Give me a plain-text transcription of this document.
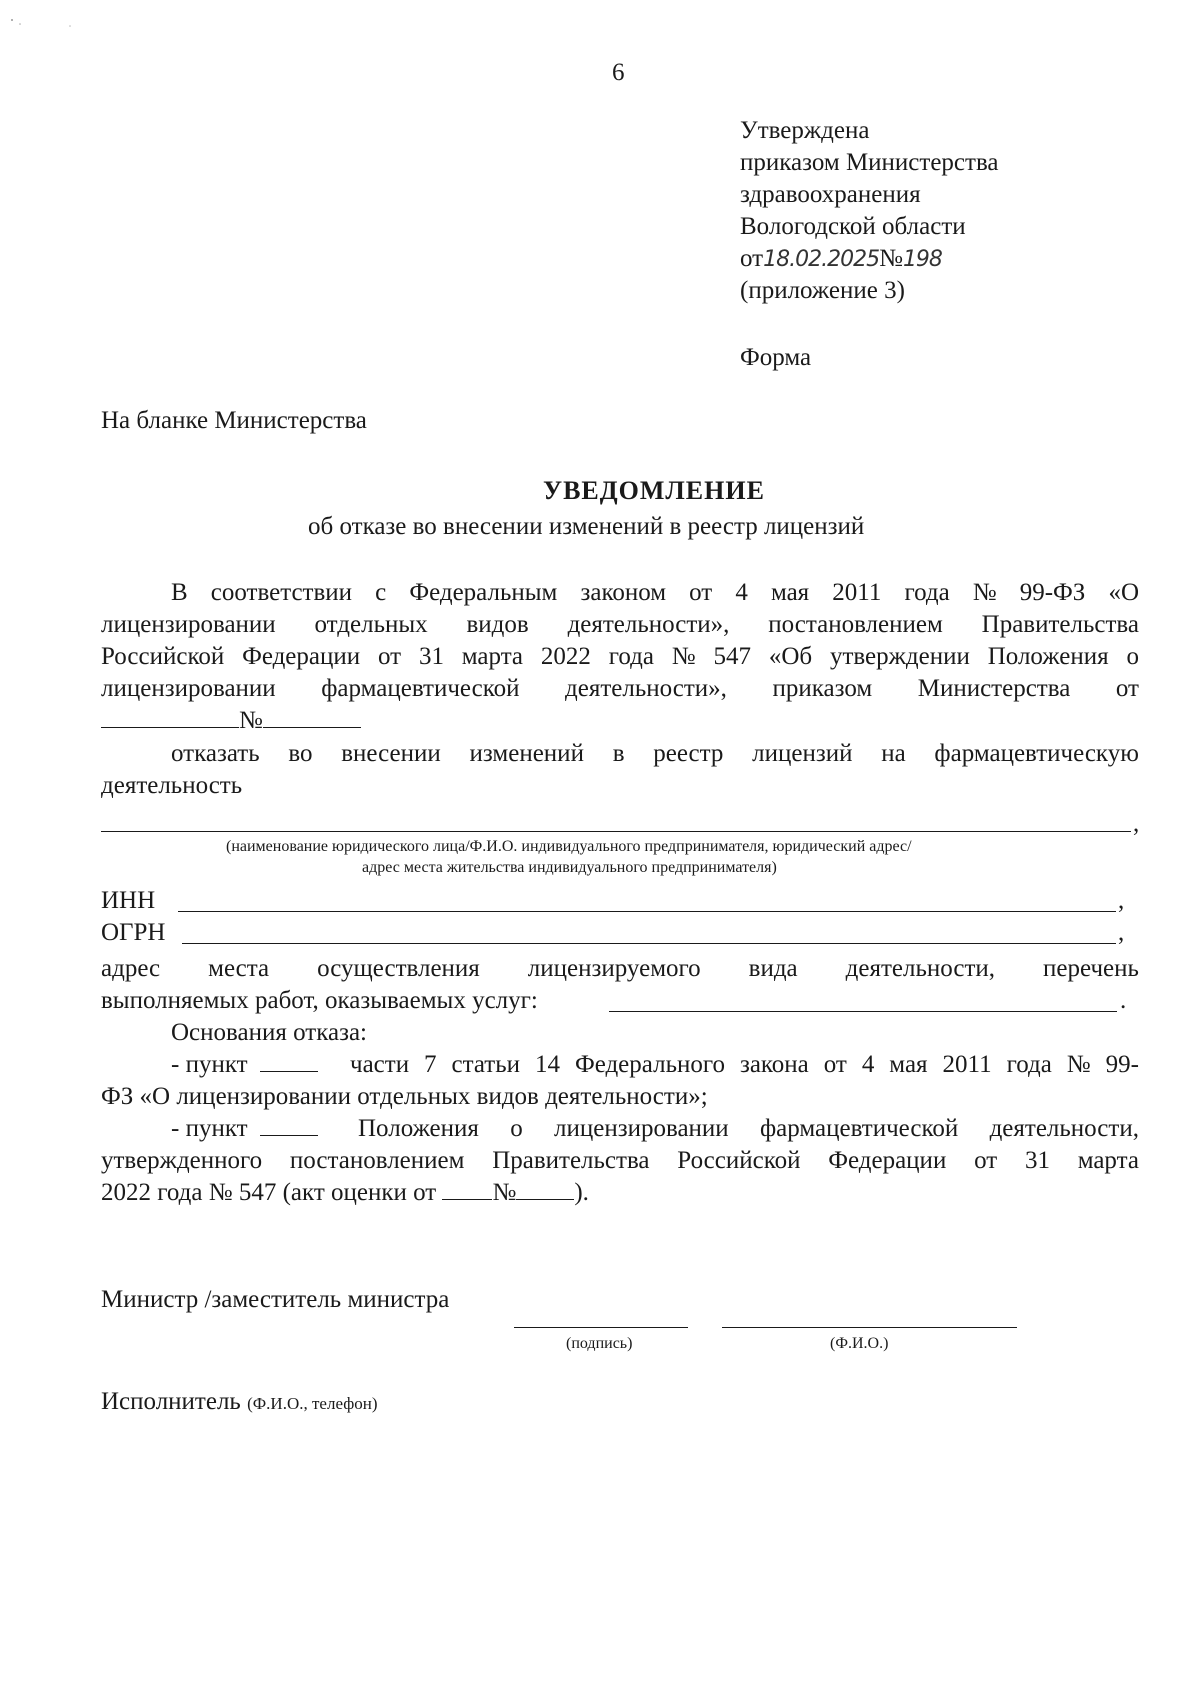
6
Утверждена
приказом Министерства
здравоохранения
Вологодской области
от18.02.2025№198
(приложение 3)
Форма
На бланке Министерства
УВЕДОМЛЕНИЕ
об отказе во внесении изменений в реестр лицензий
В соответствии с Федеральным законом от 4 мая 2011 года № 99-ФЗ «О
лицензировании отдельных видов деятельности», постановлением Правительства
Российской Федерации от 31 марта 2022 года № 547 «Об утверждении Положения о
лицензировании фармацевтической деятельности», приказом Министерства от
№
отказать во внесении изменений в реестр лицензий на фармацевтическую
деятельность
,
(наименование юридического лица/Ф.И.О. индивидуального предпринимателя, юридический адрес/
адрес места жительства индивидуального предпринимателя)
ИНН	,
ОГРН	,
адрес места осуществления лицензируемого вида деятельности, перечень
выполняемых работ, оказываемых услуг:	.
Основания отказа:
- пункт	части 7 статьи 14 Федерального закона от 4 мая 2011 года № 99-
ФЗ «О лицензировании отдельных видов деятельности»;
- пункт	Положения о лицензировании фармацевтической деятельности,
утвержденного постановлением Правительства Российской Федерации от 31 марта
2022 года № 547 (акт оценки от № ).
Министр /заместитель министра
(подпись)	(Ф.И.О.)
Исполнитель (Ф.И.О., телефон)
